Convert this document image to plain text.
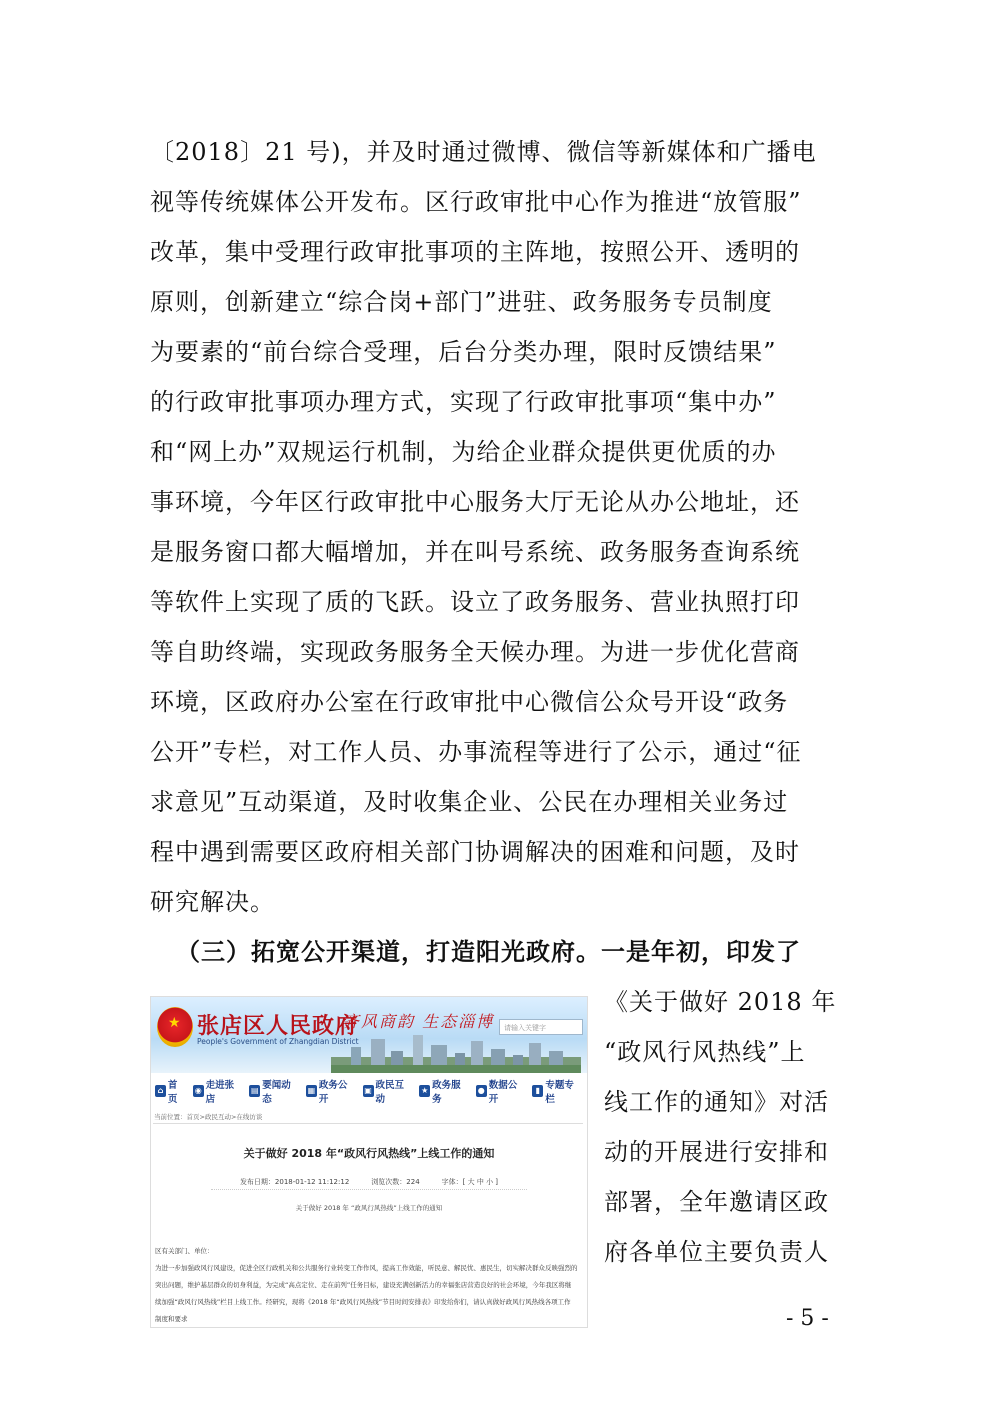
〔2018〕21 号)，并及时通过微博、微信等新媒体和广播电
视等传统媒体公开发布。区行政审批中心作为推进“放管服”
改革，集中受理行政审批事项的主阵地，按照公开、透明的
原则，创新建立“综合岗+部门”进驻、政务服务专员制度
为要素的“前台综合受理，后台分类办理，限时反馈结果”
的行政审批事项办理方式，实现了行政审批事项“集中办”
和“网上办”双规运行机制，为给企业群众提供更优质的办
事环境，今年区行政审批中心服务大厅无论从办公地址，还
是服务窗口都大幅增加，并在叫号系统、政务服务查询系统
等软件上实现了质的飞跃。设立了政务服务、营业执照打印
等自助终端，实现政务服务全天候办理。为进一步优化营商
环境，区政府办公室在行政审批中心微信公众号开设“政务
公开”专栏，对工作人员、办事流程等进行了公示，通过“征
求意见”互动渠道，及时收集企业、公民在办理相关业务过
程中遇到需要区政府相关部门协调解决的困难和问题，及时
研究解决。
（三）拓宽公开渠道，打造阳光政府。一是年初，印发了
★ 张店区人民政府
People's Government of Zhangdian District
齐风商韵 生态淄博	请输入关键字
⌂ 首页
◉ 走进张店
▤ 要闻动态
▦ 政务公开
▣ 政民互动
★ 政务服务
● 数据公开
▮ 专题专栏
当前位置：首页>政民互动>在线访谈
关于做好 2018 年“政风行风热线”上线工作的通知
发布日期：2018-01-12 11:12:12	浏览次数：224	字体：[ 大 中 小 ]
关于做好 2018 年 “政风行风热线”上线工作的通知
区有关部门、单位：
为进一步加强政风行风建设，促进全区行政机关和公共服务行业转变工作作风，提高工作效能，听民意、解民忧、惠民生，切实解决群众反映强烈的
突出问题，维护基层群众的切身利益，为完成“高点定位、走在前列”任务目标，建设充满创新活力的幸福张店营造良好的社会环境，今年我区将继
续加强“政风行风热线”栏目上线工作。经研究，现将《2018 年“政风行风热线”节目时间安排表》印发给你们，请认真做好政风行风热线各项工作
制度和要求
《关于做好 2018 年
“政风行风热线”上
线工作的通知》对活
动的开展进行安排和
部署，全年邀请区政
府各单位主要负责人
- 5 -
